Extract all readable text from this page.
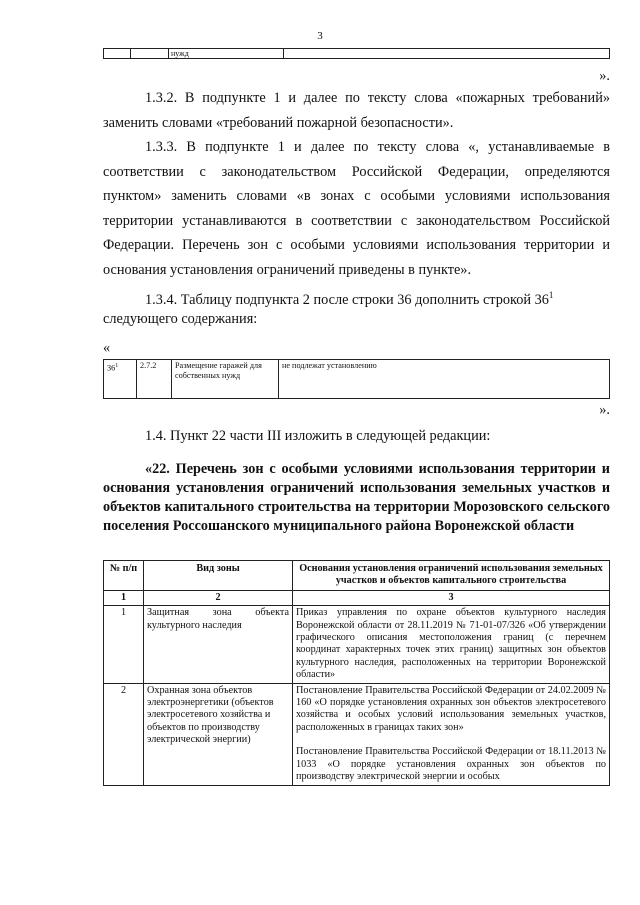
3
		нужд	
».
1.3.2. В подпункте 1 и далее по тексту слова «пожарных требований» заменить словами «требований пожарной безопасности».
1.3.3. В подпункте 1 и далее по тексту слова «, устанавливаемые в соответствии с законодательством Российской Федерации, определяются пунктом» заменить словами «в зонах с особыми условиями использования территории устанавливаются в соответствии с законодательством Российской Федерации. Перечень зон с особыми условиями использования территории и основания установления ограничений приведены в пункте».
1.3.4. Таблицу подпункта 2 после строки 36 дополнить строкой $36^1$
следующего содержания:
«
$36^1$	2.7.2	Размещение гаражей для собственных нужд	не подлежат установлению
».
1.4. Пункт 22 части III изложить в следующей редакции:
«22. Перечень зон с особыми условиями использования территории и основания установления ограничений использования земельных участков и объектов капитального строительства на территории Морозовского сельского поселения Россошанского муниципального района Воронежской области
№ п/п	Вид зоны	Основания установления ограничений использования земельных участков и объектов капитального строительства
1	2	3
1	Защитная зона объекта культурного наследия	Приказ управления по охране объектов культурного наследия Воронежской области от 28.11.2019 № 71-01-07/326 «Об утверждении графического описания местоположения границ (с перечнем координат характерных точек этих границ) защитных зон объектов культурного наследия, расположенных на территории Воронежской области»
2	Охранная зона объектов электроэнергетики (объектов электросетевого хозяйства и объектов по производству электрической энергии)	Постановление Правительства Российской Федерации от 24.02.2009 № 160 «О порядке установления охранных зон объектов электросетевого хозяйства и особых условий использования земельных участков, расположенных в границах таких зон»
Постановление Правительства Российской Федерации от 18.11.2013 № 1033 «О порядке установления охранных зон объектов по производству электрической энергии и особых
